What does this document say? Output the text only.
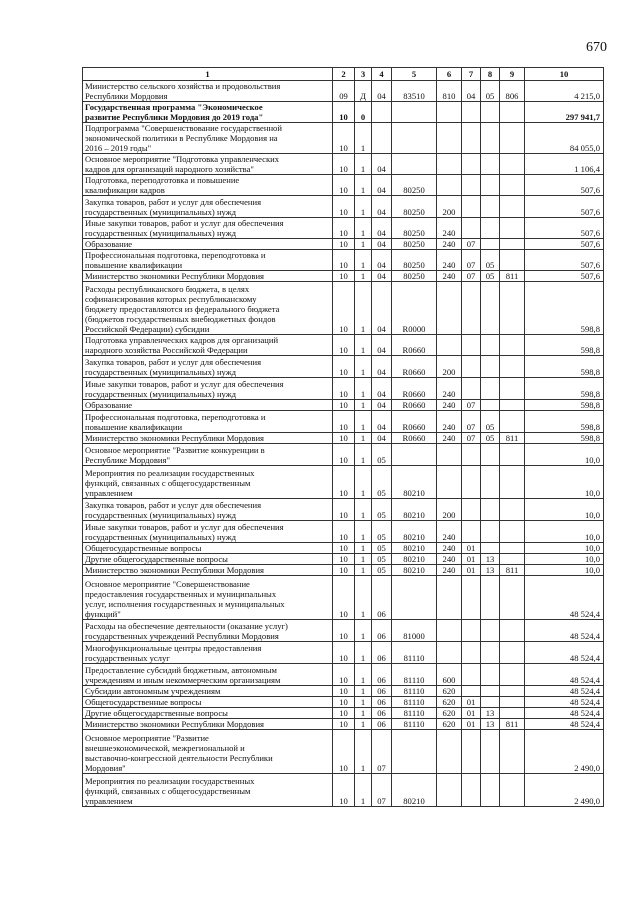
670
1	2	3	4	5	6	7	8	9	10
Министерство сельского хозяйства и продовольствия
Республики Мордовия	09	Д	04	83510	810	04	05	806	4 215,0
Государственная программа "Экономическое
развитие Республики Мордовия до 2019 года"	10	0							297 941,7
Подпрограмма "Совершенствование государственной
экономической политики в Республике Мордовия на
2016 – 2019 годы"	10	1							84 055,0
Основное мероприятие "Подготовка управленческих
кадров для организаций народного хозяйства"	10	1	04						1 106,4
Подготовка, переподготовка и повышение
квалификации кадров	10	1	04	80250					507,6
Закупка товаров, работ и услуг для обеспечения
государственных (муниципальных) нужд	10	1	04	80250	200				507,6
Иные закупки товаров, работ и услуг для обеспечения
государственных (муниципальных) нужд	10	1	04	80250	240				507,6
Образование	10	1	04	80250	240	07			507,6
Профессиональная подготовка, переподготовка и
повышение квалификации	10	1	04	80250	240	07	05		507,6
Министерство экономики Республики Мордовия	10	1	04	80250	240	07	05	811	507,6
Расходы республиканского бюджета, в целях
софинансирования которых республиканскому
бюджету предоставляются из федерального бюджета
(бюджетов государственных внебюджетных фондов
Российской Федерации) субсидии	10	1	04	R0000					598,8
Подготовка управленческих кадров для организаций
народного хозяйства Российской Федерации	10	1	04	R0660					598,8
Закупка товаров, работ и услуг для обеспечения
государственных (муниципальных) нужд	10	1	04	R0660	200				598,8
Иные закупки товаров, работ и услуг для обеспечения
государственных (муниципальных) нужд	10	1	04	R0660	240				598,8
Образование	10	1	04	R0660	240	07			598,8
Профессиональная подготовка, переподготовка и
повышение квалификации	10	1	04	R0660	240	07	05		598,8
Министерство экономики Республики Мордовия	10	1	04	R0660	240	07	05	811	598,8
Основное мероприятие "Развитие конкуренции в
Республике Мордовия"	10	1	05						10,0
Мероприятия по реализации государственных
функций, связанных с общегосударственным
управлением	10	1	05	80210					10,0
Закупка товаров, работ и услуг для обеспечения
государственных (муниципальных) нужд	10	1	05	80210	200				10,0
Иные закупки товаров, работ и услуг для обеспечения
государственных (муниципальных) нужд	10	1	05	80210	240				10,0
Общегосударственные вопросы	10	1	05	80210	240	01			10,0
Другие общегосударственные вопросы	10	1	05	80210	240	01	13		10,0
Министерство экономики Республики Мордовия	10	1	05	80210	240	01	13	811	10,0
Основное мероприятие "Совершенствование
предоставления государственных и муниципальных
услуг, исполнения государственных и муниципальных
функций"	10	1	06						48 524,4
Расходы на обеспечение деятельности (оказание услуг)
государственных учреждений Республики Мордовия	10	1	06	81000					48 524,4
Многофункциональные центры предоставления
государственных услуг	10	1	06	81110					48 524,4
Предоставление субсидий бюджетным, автономным
учреждениям и иным некоммерческим организациям	10	1	06	81110	600				48 524,4
Субсидии автономным учреждениям	10	1	06	81110	620				48 524,4
Общегосударственные вопросы	10	1	06	81110	620	01			48 524,4
Другие общегосударственные вопросы	10	1	06	81110	620	01	13		48 524,4
Министерство экономики Республики Мордовия	10	1	06	81110	620	01	13	811	48 524,4
Основное мероприятие "Развитие
внешнеэкономической, межрегиональной и
выставочно-конгрессной деятельности Республики
Мордовия"	10	1	07						2 490,0
Мероприятия по реализации государственных
функций, связанных с общегосударственным
управлением	10	1	07	80210					2 490,0
